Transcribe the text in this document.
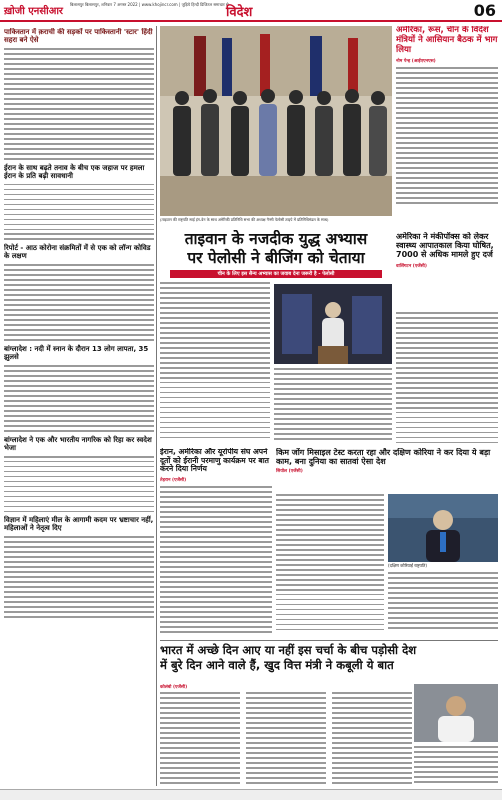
ख़ोजी एनसीआर
बिलासपुर बिलासपुर, शनिवार 7 अगस्त 2022 | www.khojincr.com | जुड़िये हिन्दी डिजिटल समाचार से
विदेश	06
पाकिस्तान में क़राची की सड़कों पर पाकिस्तानी 'स्टार' हिंदी सहरा बने ऐसे
ईरान के साथ बढ़ते तनाव के बीच एक जहाज पर हमला ईरान के प्रति बढ़ी सावधानी
रिपोर्ट - आठ कोरोना संक्रमितों में से एक को लॉन्ग कोविड के लक्षण
बांग्लादेश : नदी में स्नान के दौरान 13 लोग लापता, 35 झुलसे
बांग्लादेश ने एक और भारतीय नागरिक को रिहा कर स्वदेश भेजा
विज्ञान में महिलाएं मील के आगामी कदम पर भ्रष्टाचार नहीं, महिलाओं ने नेतृत्व दिए
(ताइवान की राष्ट्रपति साई इंग-वेन के साथ अमेरिकी प्रतिनिधि सभा की अध्यक्ष नैन्सी पेलोसी ताइपे में प्रतिनिधिमंडल के साथ)
अमेरिका, रूस, चीन के विदेश मंत्रियों ने आसियान बैठक में भाग लिया
नोम पेन्ह (आईएएनएस)
ताइवान के नजदीक युद्ध अभ्यास
पर पेलोसी ने बीजिंग को चेताया
चीन के लिए इस सैन्य अभ्यास का जवाब देना जरूरी है - पेलोसी
अमेरिका ने मंकीपॉक्स को लेकर स्वास्थ्य आपातकाल किया घोषित, 7000 से अधिक मामले हुए दर्ज
वाशिंगटन (एजेंसी)
ईरान, अमेरिका और यूरोपीय संघ अपने दूतों को ईरानी परमाणु कार्यक्रम पर बात करने दिया निर्णय
तेहरान (एजेंसी)
किम जोंग मिसाइल टेस्ट करता रहा और दक्षिण कोरिया ने कर दिया ये बड़ा काम, बना दुनिया का सातवां ऐसा देश
सियोल (एजेंसी)
(दक्षिण कोरियाई राष्ट्रपति)
भारत में अच्छे दिन आए या नहीं इस चर्चा के बीच पड़ोसी देश
में बुरे दिन आने वाले हैं, खुद वित्त मंत्री ने कबूली ये बात
कोलंबो (एजेंसी)
